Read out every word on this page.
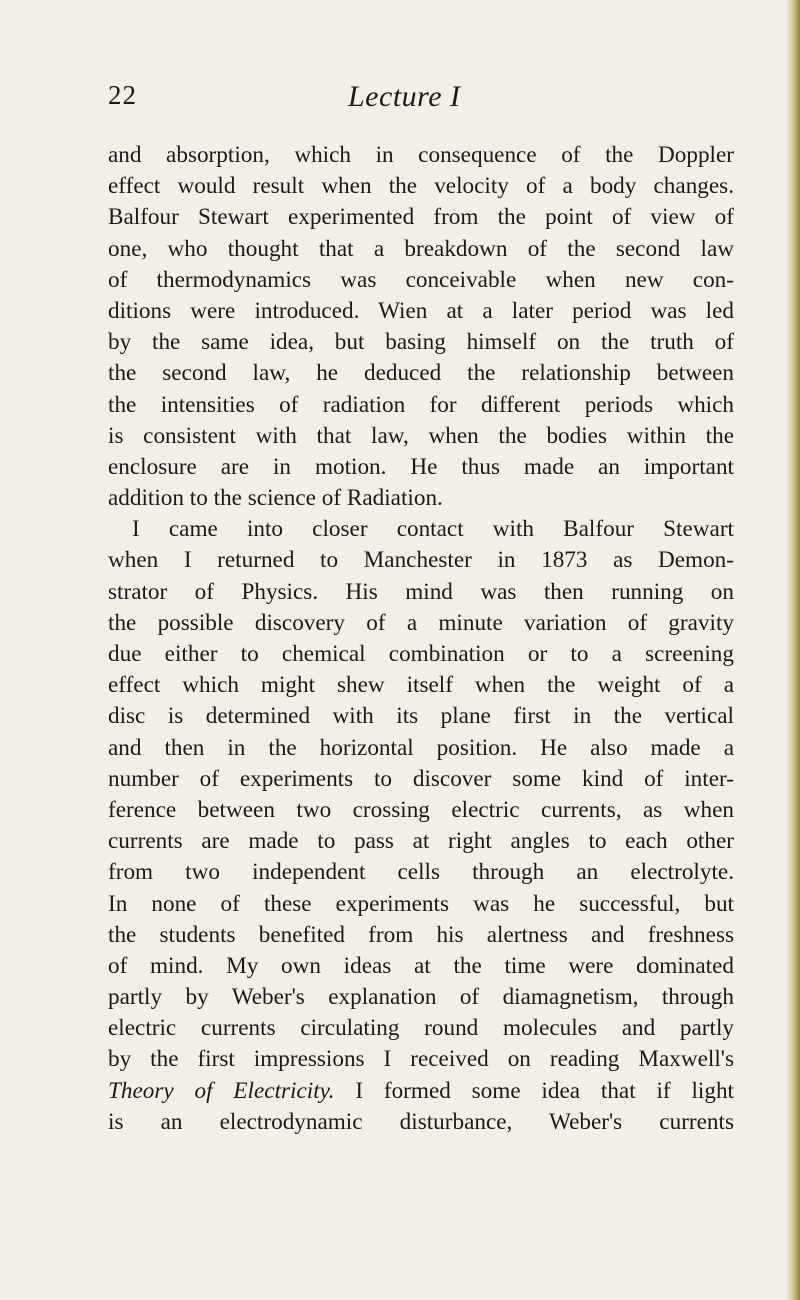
22	Lecture I
and absorption, which in consequence of the Doppler
effect would result when the velocity of a body changes.
Balfour Stewart experimented from the point of view of
one, who thought that a breakdown of the second law
of thermodynamics was conceivable when new con-
ditions were introduced. Wien at a later period was led
by the same idea, but basing himself on the truth of
the second law, he deduced the relationship between
the intensities of radiation for different periods which
is consistent with that law, when the bodies within the
enclosure are in motion. He thus made an important
addition to the science of Radiation.
I came into closer contact with Balfour Stewart
when I returned to Manchester in 1873 as Demon-
strator of Physics. His mind was then running on
the possible discovery of a minute variation of gravity
due either to chemical combination or to a screening
effect which might shew itself when the weight of a
disc is determined with its plane first in the vertical
and then in the horizontal position. He also made a
number of experiments to discover some kind of inter-
ference between two crossing electric currents, as when
currents are made to pass at right angles to each other
from two independent cells through an electrolyte.
In none of these experiments was he successful, but
the students benefited from his alertness and freshness
of mind. My own ideas at the time were dominated
partly by Weber's explanation of diamagnetism, through
electric currents circulating round molecules and partly
by the first impressions I received on reading Maxwell's
Theory of Electricity. I formed some idea that if light
is an electrodynamic disturbance, Weber's currents
